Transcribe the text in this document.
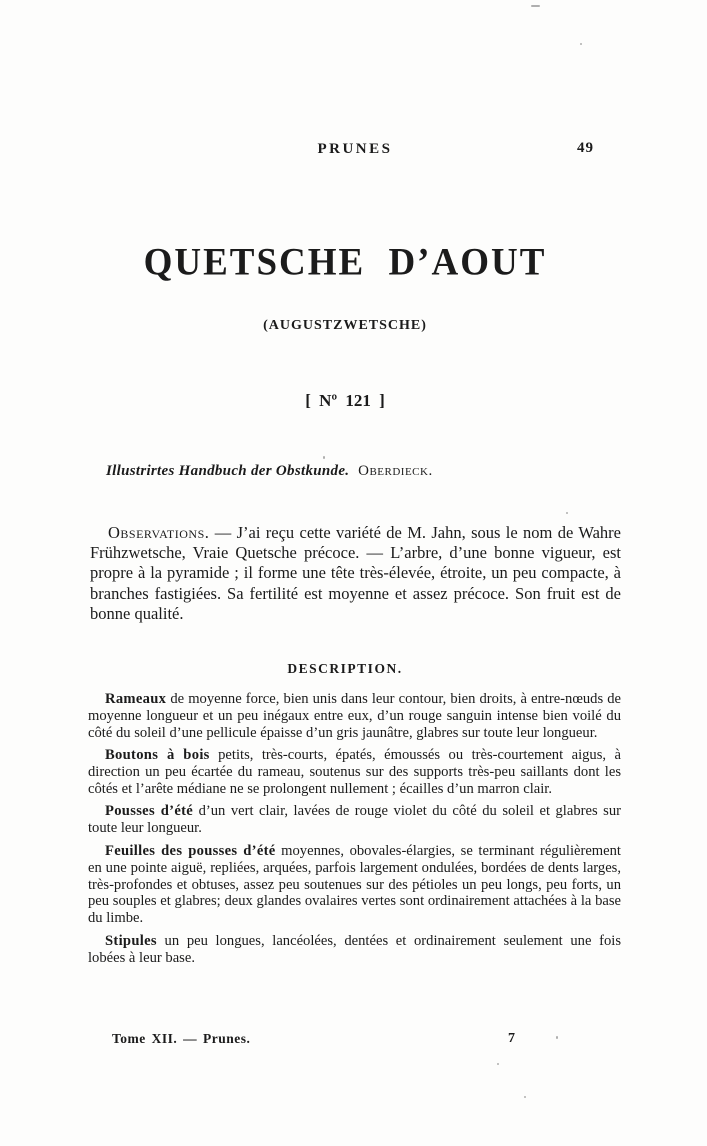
PRUNES	49
QUETSCHE D’AOUT
(AUGUSTZWETSCHE)
[ Nº 121 ]
Illustrirtes Handbuch der Obstkunde. Oberdieck.
Observations. — J’ai reçu cette variété de M. Jahn, sous le nom de Wahre Frühzwetsche, Vraie Quetsche précoce. — L’arbre, d’une bonne vigueur, est propre à la pyramide ; il forme une tête très-élevée, étroite, un peu compacte, à branches fastigiées. Sa fertilité est moyenne et assez précoce. Son fruit est de bonne qualité.
DESCRIPTION.

Rameaux de moyenne force, bien unis dans leur contour, bien droits, à entre-nœuds de moyenne longueur et un peu inégaux entre eux, d’un rouge sanguin intense bien voilé du côté du soleil d’une pellicule épaisse d’un gris jaunâtre, glabres sur toute leur longueur.

Boutons à bois petits, très-courts, épatés, émoussés ou très-courtement aigus, à direction un peu écartée du rameau, soutenus sur des supports très-peu saillants dont les côtés et l’arête médiane ne se prolongent nullement ; écailles d’un marron clair.

Pousses d’été d’un vert clair, lavées de rouge violet du côté du soleil et glabres sur toute leur longueur.

Feuilles des pousses d’été moyennes, obovales-élargies, se terminant régulièrement en une pointe aiguë, repliées, arquées, parfois largement ondulées, bordées de dents larges, très-profondes et obtuses, assez peu soutenues sur des pétioles un peu longs, peu forts, un peu souples et glabres; deux glandes ovalaires vertes sont ordinairement attachées à la base du limbe.

Stipules un peu longues, lancéolées, dentées et ordinairement seulement une fois lobées à leur base.

Tome XII. — Prunes.	7
